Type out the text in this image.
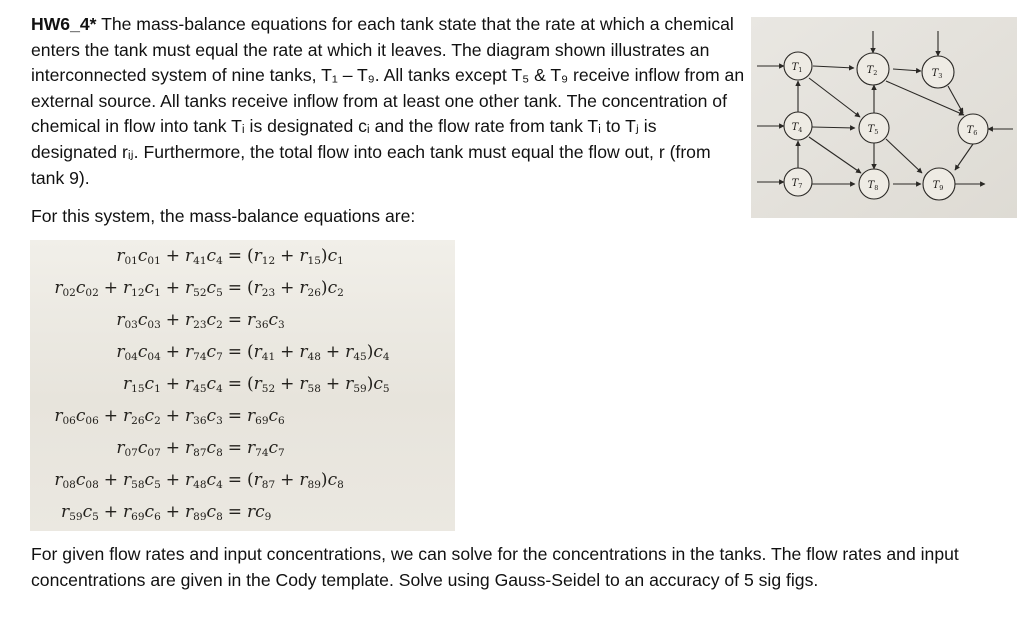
HW6_4* The mass-balance equations for each tank state that the rate at which a chemical enters the tank must equal the rate at which it leaves. The diagram shown illustrates an interconnected system of nine tanks, T₁ – T₉. All tanks except T₅ & T₉ receive inflow from an external source. All tanks receive inflow from at least one other tank. The concentration of chemical in flow into tank Tᵢ is designated cᵢ and the flow rate from tank Tᵢ to Tⱼ is designated rᵢⱼ. Furthermore, the total flow into each tank must equal the flow out, r (from tank 9).

For this system, the mass-balance equations are:

$T_1$	$T_2$	$T_3$
$T_4$	$T_5$	$T_6$
$T_7$	$T_8$	$T_9$
$r_{01}c_{01} + r_{41}c_4 = (r_{12} + r_{15})c_1$
$r_{02}c_{02} + r_{12}c_1 + r_{52}c_5 = (r_{23} + r_{26})c_2$
$r_{03}c_{03} + r_{23}c_2 = r_{36}c_3$
$r_{04}c_{04} + r_{74}c_7 = (r_{41} + r_{48} + r_{45})c_4$
$r_{15}c_1 + r_{45}c_4 = (r_{52} + r_{58} + r_{59})c_5$
$r_{06}c_{06} + r_{26}c_2 + r_{36}c_3 = r_{69}c_6$
$r_{07}c_{07} + r_{87}c_8 = r_{74}c_7$
$r_{08}c_{08} + r_{58}c_5 + r_{48}c_4 = (r_{87} + r_{89})c_8$
$r_{59}c_5 + r_{69}c_6 + r_{89}c_8 = rc_9$

For given flow rates and input concentrations, we can solve for the concentrations in the tanks. The flow rates and input concentrations are given in the Cody template. Solve using Gauss-Seidel to an accuracy of 5 sig figs.
